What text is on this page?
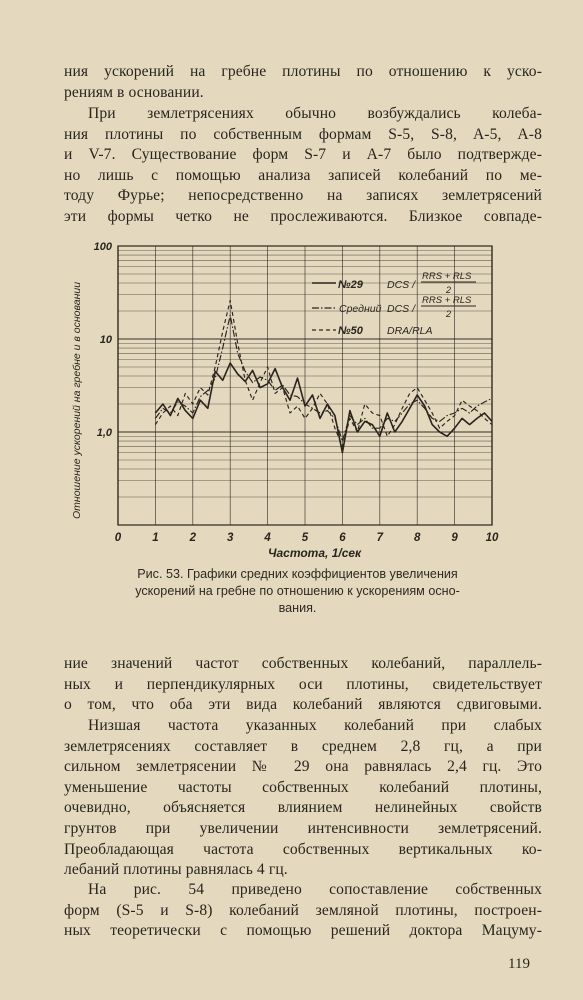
ния ускорений на гребне плотины по отношению к уско-
рениям в основании.
При землетрясениях обычно возбуждались колеба-
ния плотины по собственным формам S-5, S-8, A-5, A-8
и V-7. Существование форм S-7 и A-7 было подтвержде-
но лишь с помощью анализа записей колебаний по ме-
тоду Фурье; непосредственно на записях землетрясений
эти формы четко не прослеживаются. Близкое совпаде-
0	1	2	3	4	5	6	7	8	9 10
100
10
1,0
Отношение ускорений на гребне и в основании
Частота, 1/сек
№29 DCS /
RRS + RLS
2
Средний DCS /
RRS + RLS
2
№50 DRA/RLA
Рис. 53. Графики средних коэффициентов увеличения
ускорений на гребне по отношению к ускорениям осно-
вания.
ние значений частот собственных колебаний, параллель-
ных и перпендикулярных оси плотины, свидетельствует
о том, что оба эти вида колебаний являются сдвиговыми.
Низшая частота указанных колебаний при слабых
землетрясениях составляет в среднем 2,8 гц, а при
сильном землетрясении № 29 она равнялась 2,4 гц. Это
уменьшение частоты собственных колебаний плотины,
очевидно, объясняется влиянием нелинейных свойств
грунтов при увеличении интенсивности землетрясений.
Преобладающая частота собственных вертикальных ко-
лебаний плотины равнялась 4 гц.
На рис. 54 приведено сопоставление собственных
форм (S-5 и S-8) колебаний земляной плотины, построен-
ных теоретически с помощью решений доктора Мацуму-
119
